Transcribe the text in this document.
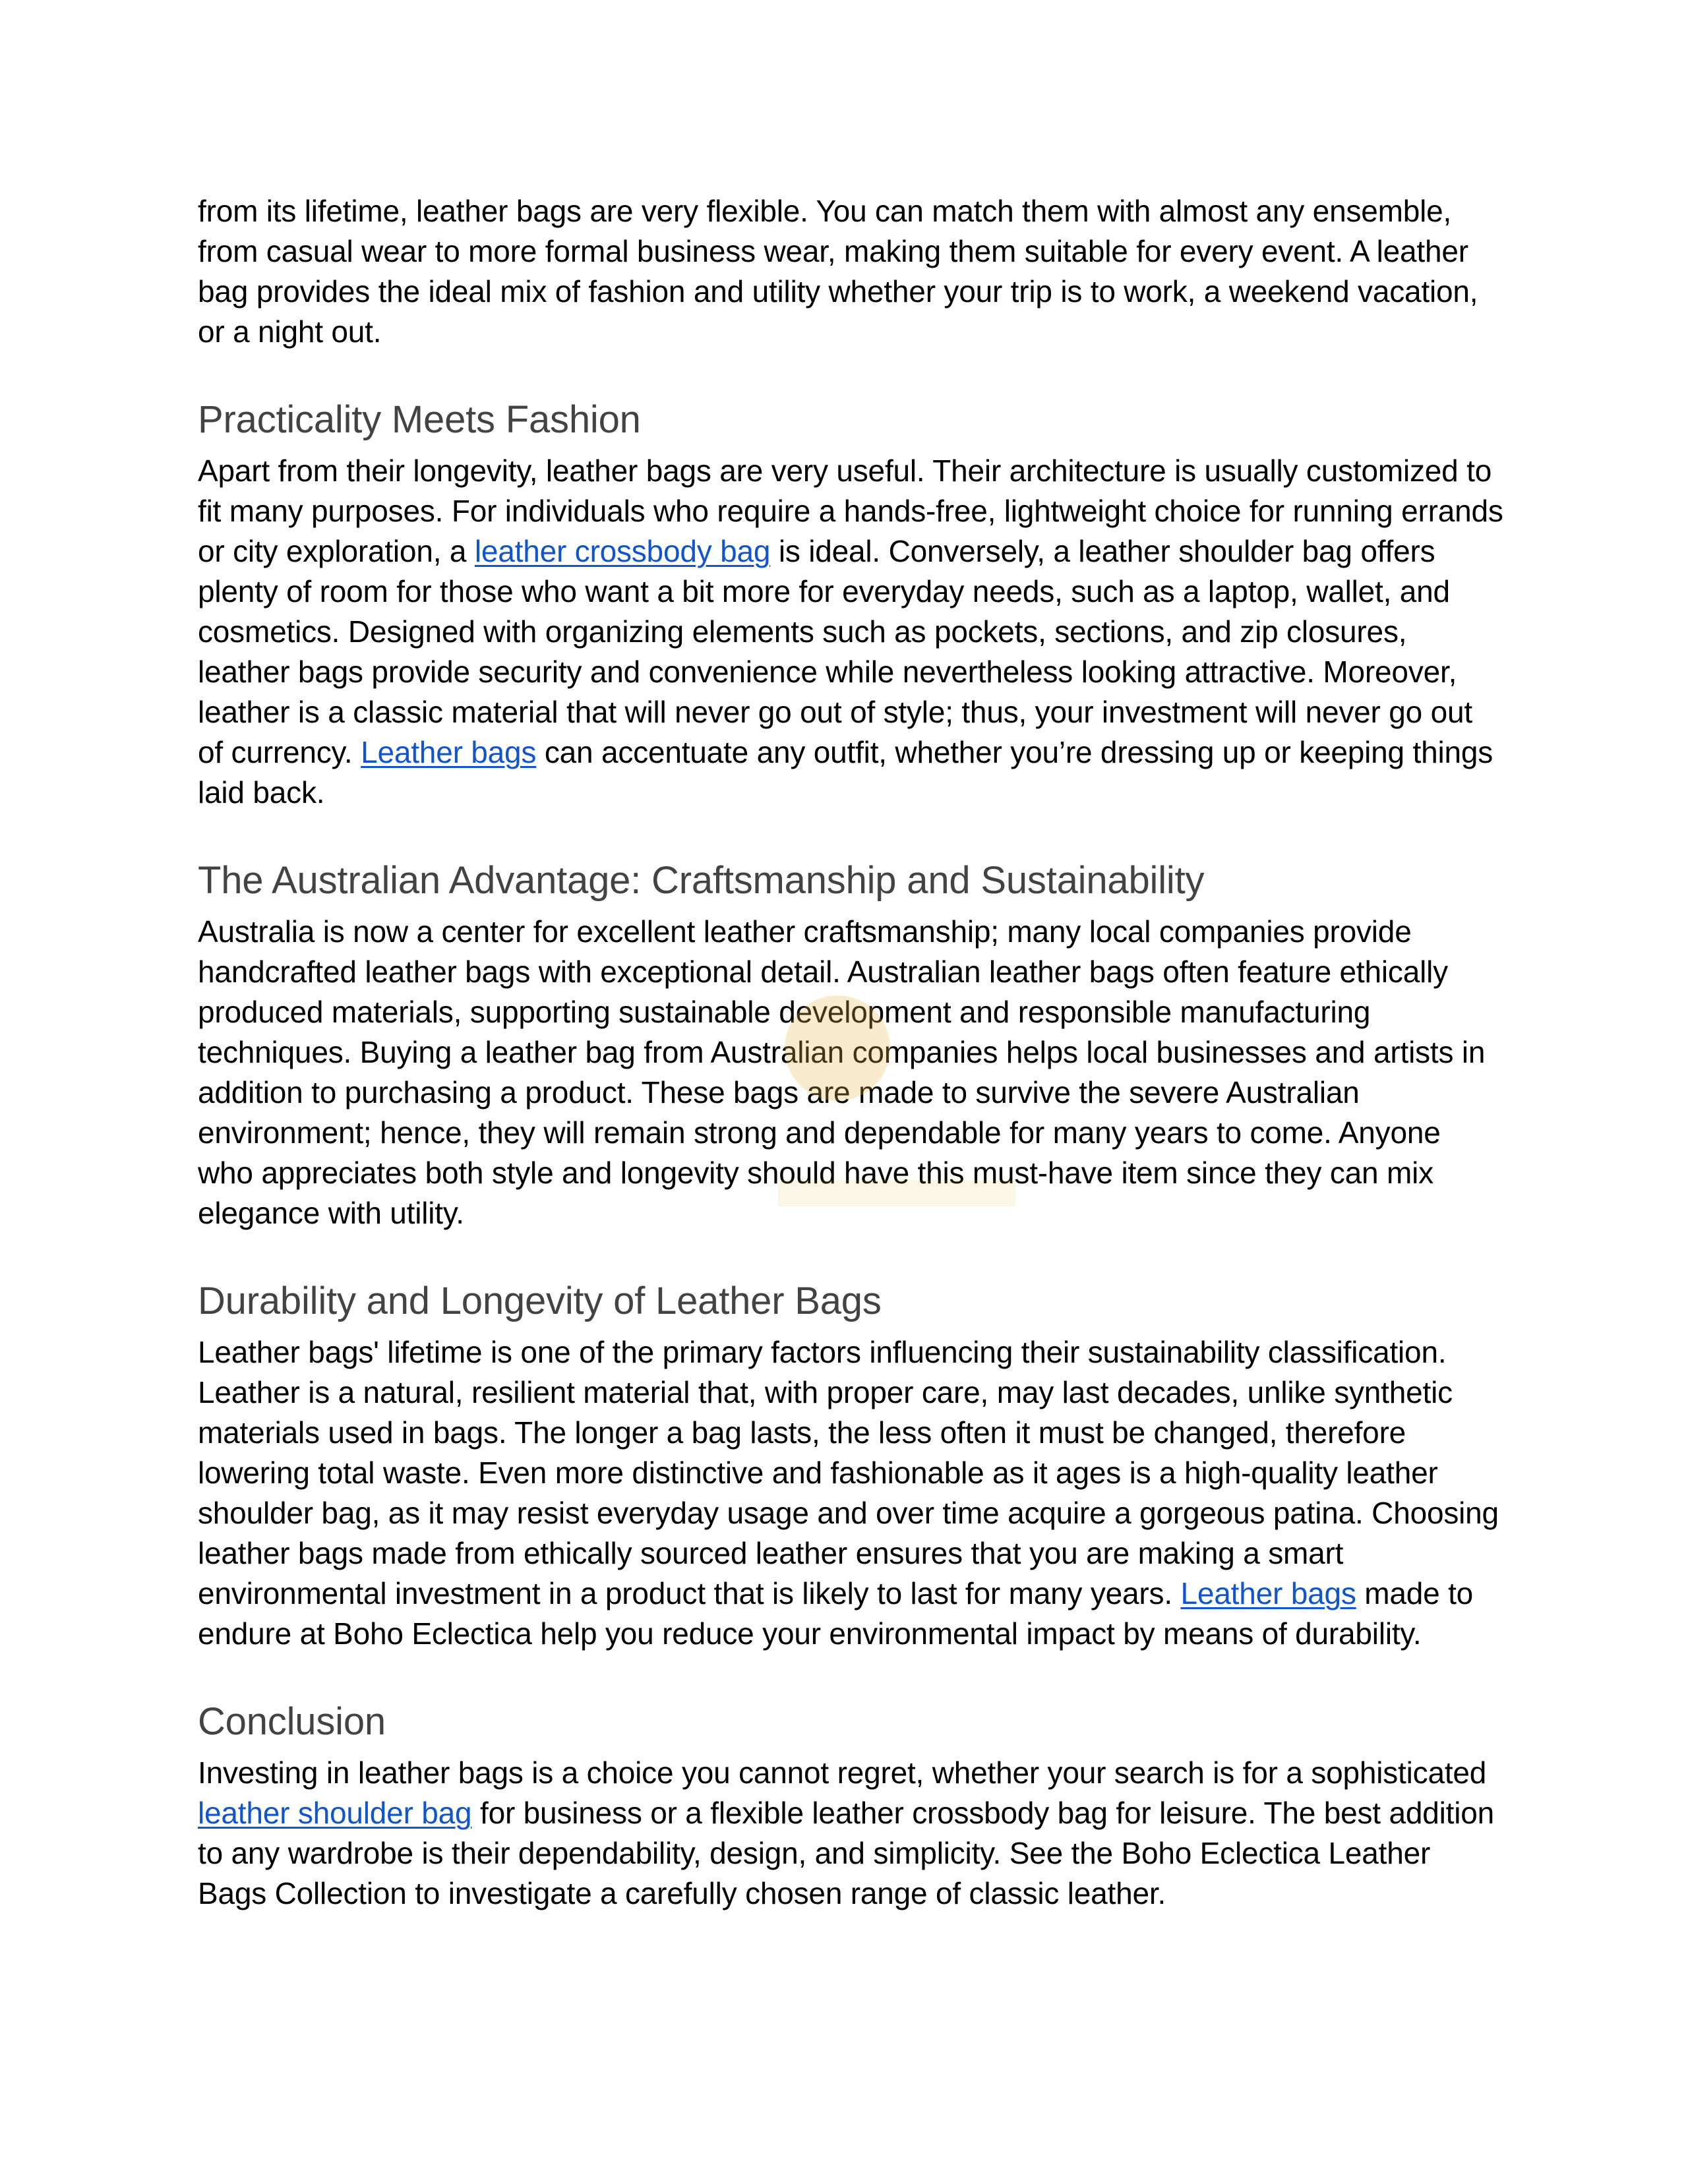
from its lifetime, leather bags are very flexible. You can match them with almost any ensemble, from casual wear to more formal business wear, making them suitable for every event. A leather bag provides the ideal mix of fashion and utility whether your trip is to work, a weekend vacation, or a night out.

Practicality Meets Fashion

Apart from their longevity, leather bags are very useful. Their architecture is usually customized to fit many purposes. For individuals who require a hands-free, lightweight choice for running errands or city exploration, a leather crossbody bag is ideal. Conversely, a leather shoulder bag offers plenty of room for those who want a bit more for everyday needs, such as a laptop, wallet, and cosmetics. Designed with organizing elements such as pockets, sections, and zip closures, leather bags provide security and convenience while nevertheless looking attractive. Moreover, leather is a classic material that will never go out of style; thus, your investment will never go out of currency. Leather bags can accentuate any outfit, whether you’re dressing up or keeping things laid back.

The Australian Advantage: Craftsmanship and Sustainability

Australia is now a center for excellent leather craftsmanship; many local companies provide handcrafted leather bags with exceptional detail. Australian leather bags often feature ethically produced materials, supporting sustainable development and responsible manufacturing techniques. Buying a leather bag from Australian companies helps local businesses and artists in addition to purchasing a product. These bags are made to survive the severe Australian environment; hence, they will remain strong and dependable for many years to come. Anyone who appreciates both style and longevity should have this must-have item since they can mix elegance with utility.

Durability and Longevity of Leather Bags

Leather bags' lifetime is one of the primary factors influencing their sustainability classification. Leather is a natural, resilient material that, with proper care, may last decades, unlike synthetic materials used in bags. The longer a bag lasts, the less often it must be changed, therefore lowering total waste. Even more distinctive and fashionable as it ages is a high-quality leather shoulder bag, as it may resist everyday usage and over time acquire a gorgeous patina. Choosing leather bags made from ethically sourced leather ensures that you are making a smart environmental investment in a product that is likely to last for many years. Leather bags made to endure at Boho Eclectica help you reduce your environmental impact by means of durability.

Conclusion

Investing in leather bags is a choice you cannot regret, whether your search is for a sophisticated leather shoulder bag for business or a flexible leather crossbody bag for leisure. The best addition to any wardrobe is their dependability, design, and simplicity. See the Boho Eclectica Leather Bags Collection to investigate a carefully chosen range of classic leather.
